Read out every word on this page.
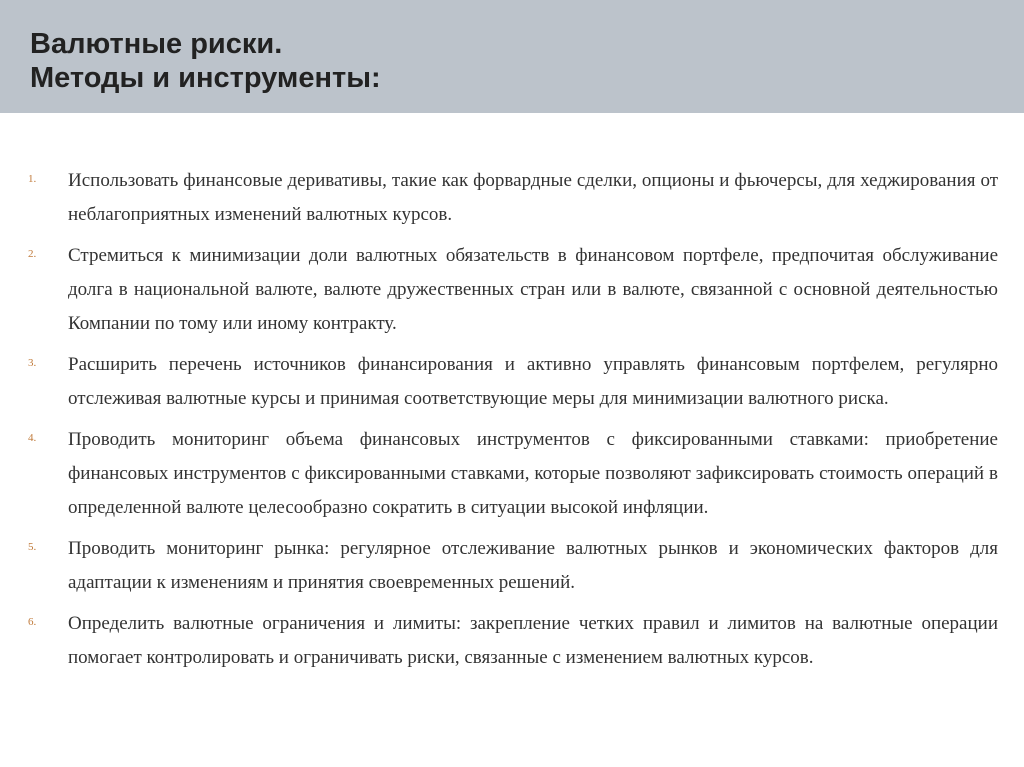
Валютные риски.
Методы и инструменты:
1. Использовать финансовые деривативы, такие как форвардные сделки, опционы и фьючерсы, для хеджирования от неблагоприятных изменений валютных курсов.

2. Стремиться к минимизации доли валютных обязательств в финансовом портфеле, предпочитая обслуживание долга в национальной валюте, валюте дружественных стран или в валюте, связанной с основной деятельностью Компании по тому или иному контракту.

3. Расширить перечень источников финансирования и активно управлять финансовым портфелем, регулярно отслеживая валютные курсы и принимая соответствующие меры для минимизации валютного риска.

4. Проводить мониторинг объема финансовых инструментов с фиксированными ставками: приобретение финансовых инструментов с фиксированными ставками, которые позволяют зафиксировать стоимость операций в определенной валюте целесообразно сократить в ситуации высокой инфляции.

5. Проводить мониторинг рынка: регулярное отслеживание валютных рынков и экономических факторов для адаптации к изменениям и принятия своевременных решений.

6. Определить валютные ограничения и лимиты: закрепление четких правил и лимитов на валютные операции помогает контролировать и ограничивать риски, связанные с изменением валютных курсов.
